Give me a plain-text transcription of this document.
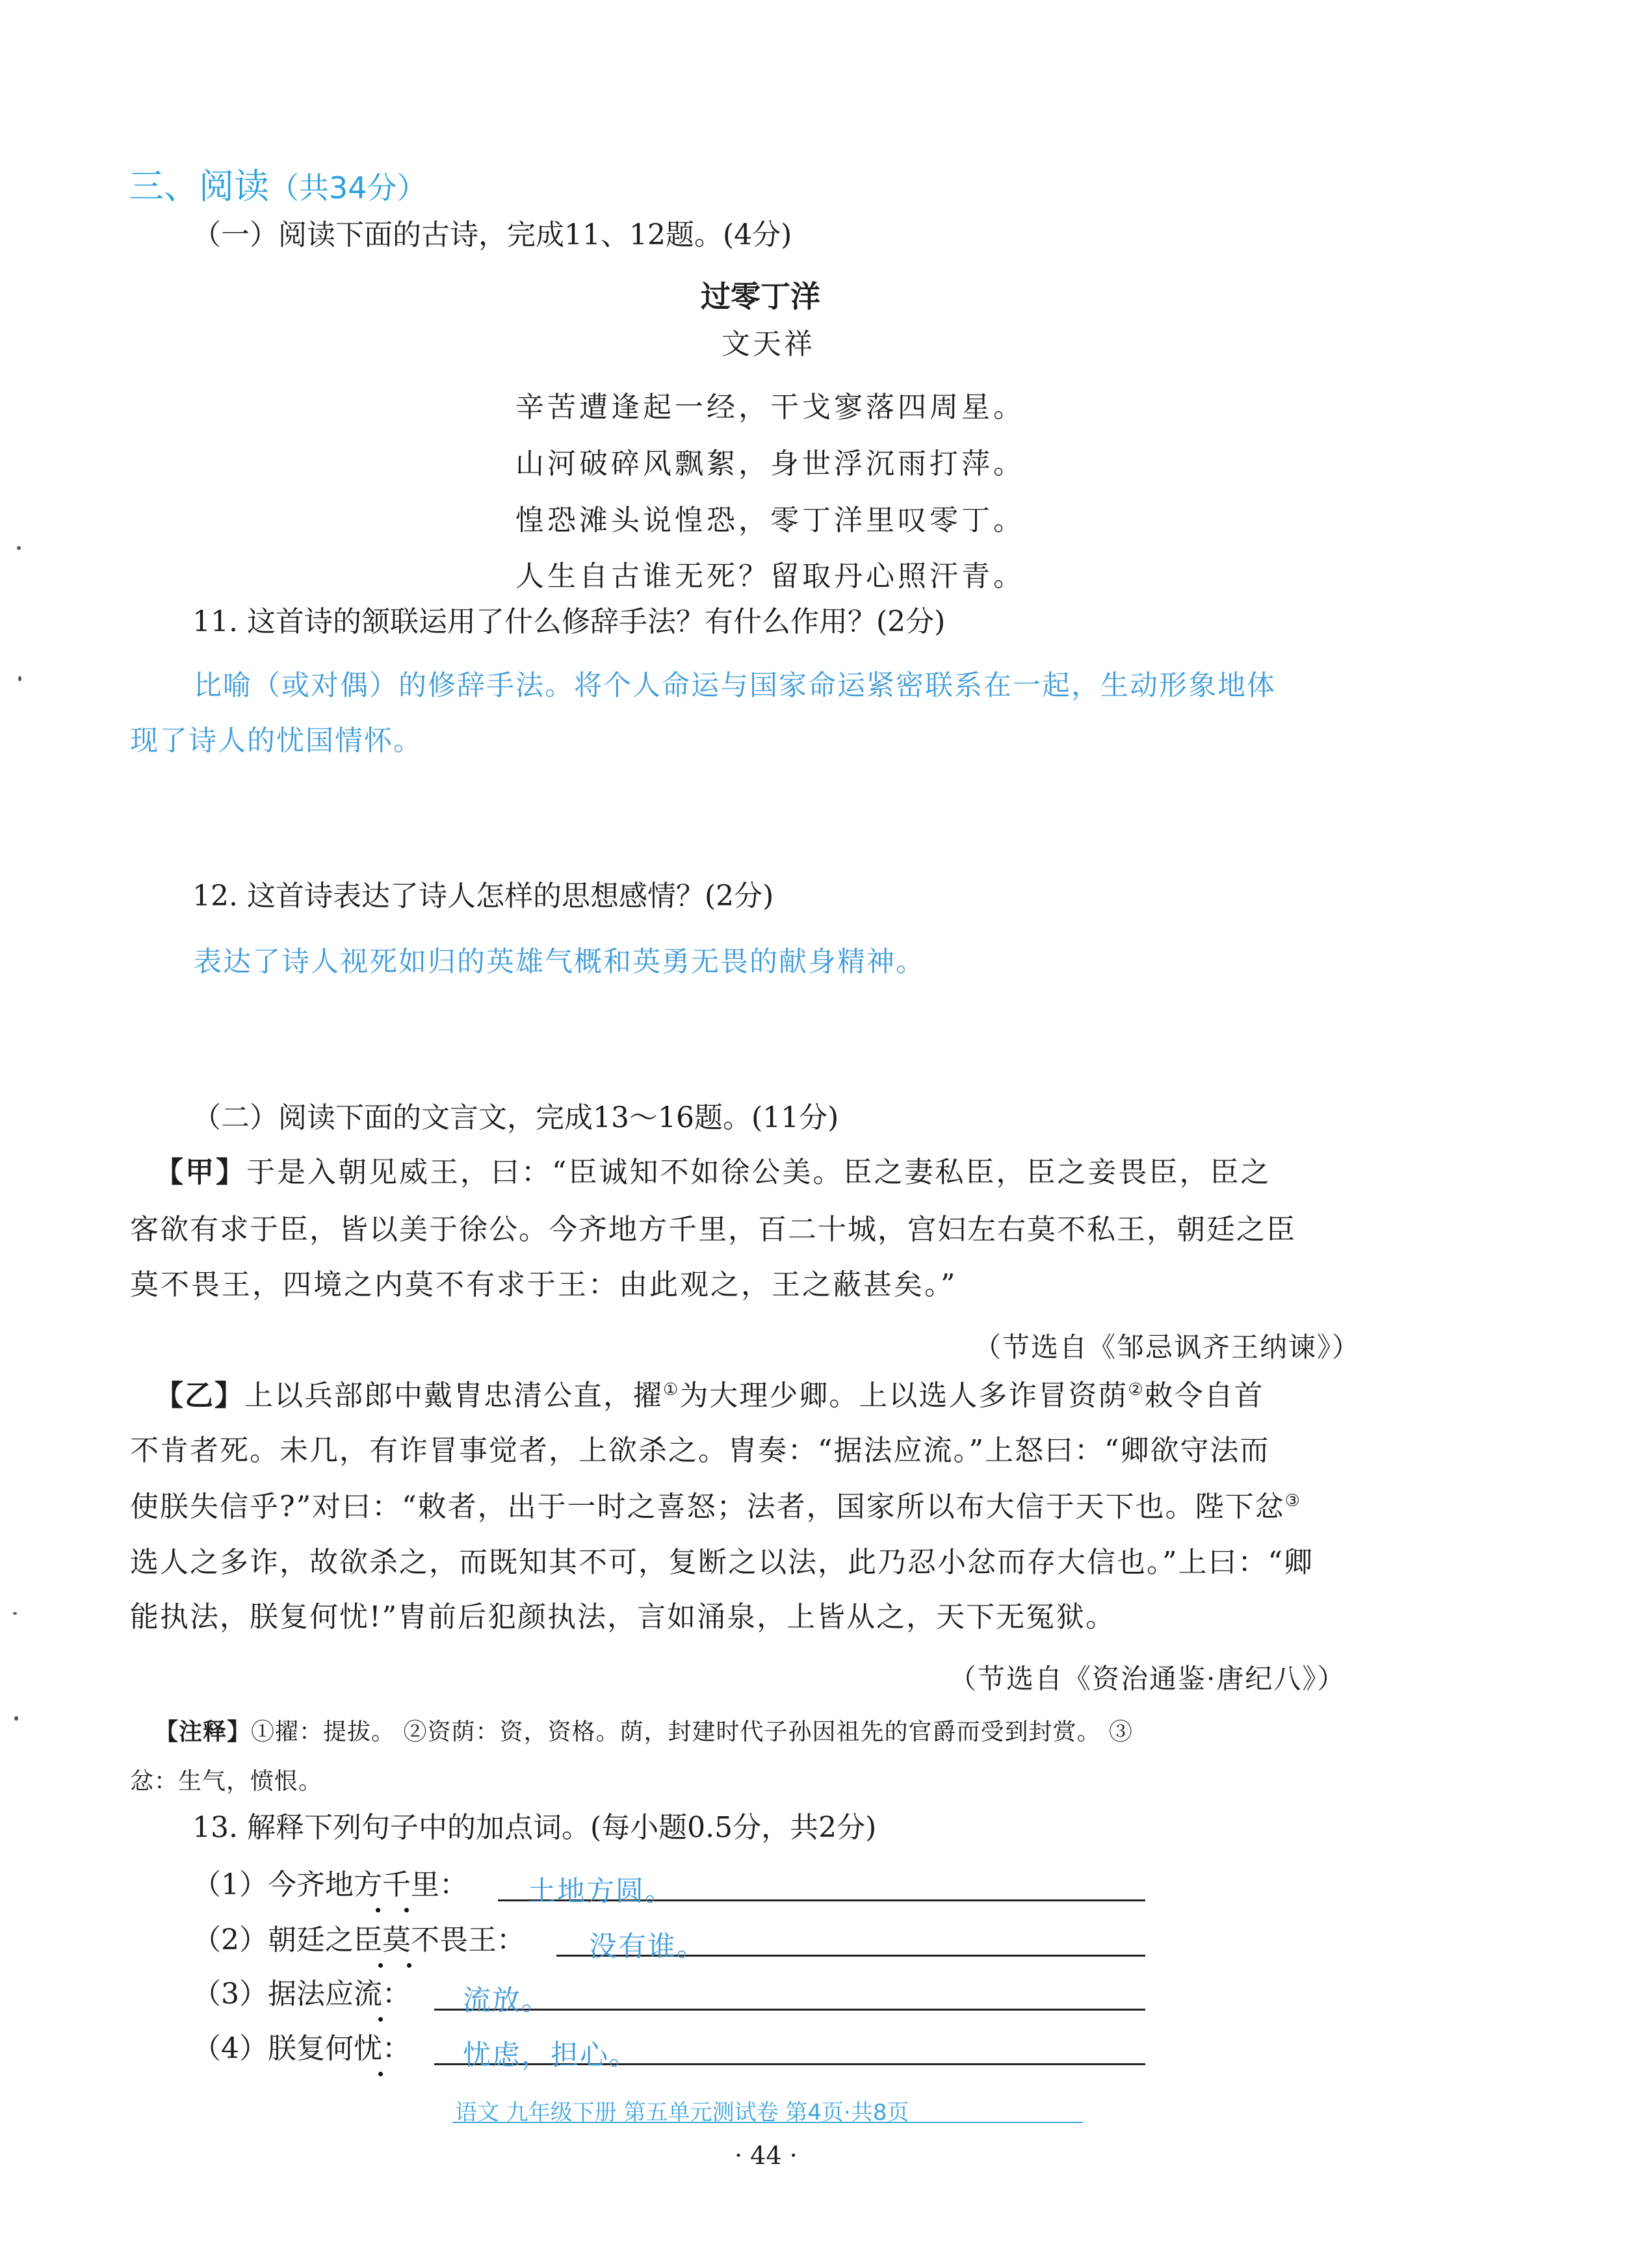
三、阅读（共34分）
（一）阅读下面的古诗，完成11、12题。(4分)
过零丁洋
文天祥
辛苦遭逢起一经，干戈寥落四周星。
山河破碎风飘絮，身世浮沉雨打萍。
惶恐滩头说惶恐，零丁洋里叹零丁。
人生自古谁无死？留取丹心照汗青。
11. 这首诗的颔联运用了什么修辞手法？有什么作用？(2分)
比喻（或对偶）的修辞手法。将个人命运与国家命运紧密联系在一起，生动形象地体
现了诗人的忧国情怀。
12. 这首诗表达了诗人怎样的思想感情？(2分)
表达了诗人视死如归的英雄气概和英勇无畏的献身精神。
（二）阅读下面的文言文，完成13～16题。(11分)
【甲】于是入朝见威王，曰：“臣诚知不如徐公美。臣之妻私臣，臣之妾畏臣，臣之
客欲有求于臣，皆以美于徐公。今齐地方千里，百二十城，宫妇左右莫不私王，朝廷之臣
莫不畏王，四境之内莫不有求于王：由此观之，王之蔽甚矣。”
（节选自《邹忌讽齐王纳谏》）
【乙】上以兵部郎中戴胄忠清公直，擢①为大理少卿。上以选人多诈冒资荫②敕令自首
不肯者死。未几，有诈冒事觉者，上欲杀之。胄奏：“据法应流。”上怒曰：“卿欲守法而
使朕失信乎?”对曰：“敕者，出于一时之喜怒；法者，国家所以布大信于天下也。陛下忿③
选人之多诈，故欲杀之，而既知其不可，复断之以法，此乃忍小忿而存大信也。”上曰：“卿
能执法，朕复何忧!”胄前后犯颜执法，言如涌泉，上皆从之，天下无冤狱。
（节选自《资治通鉴·唐纪八》）
【注释】①擢：提拔。 ②资荫：资，资格。荫，封建时代子孙因祖先的官爵而受到封赏。 ③
忿：生气，愤恨。
13. 解释下列句子中的加点词。(每小题0.5分，共2分)
（1）今齐地方千里： 土地方圆。
（2）朝廷之臣莫不畏王： 没有谁。
（3）据法应流： 流放。
（4）朕复何忧： 忧虑，担心。
语文 九年级下册 第五单元测试卷 第4页·共8页
· 44 ·
